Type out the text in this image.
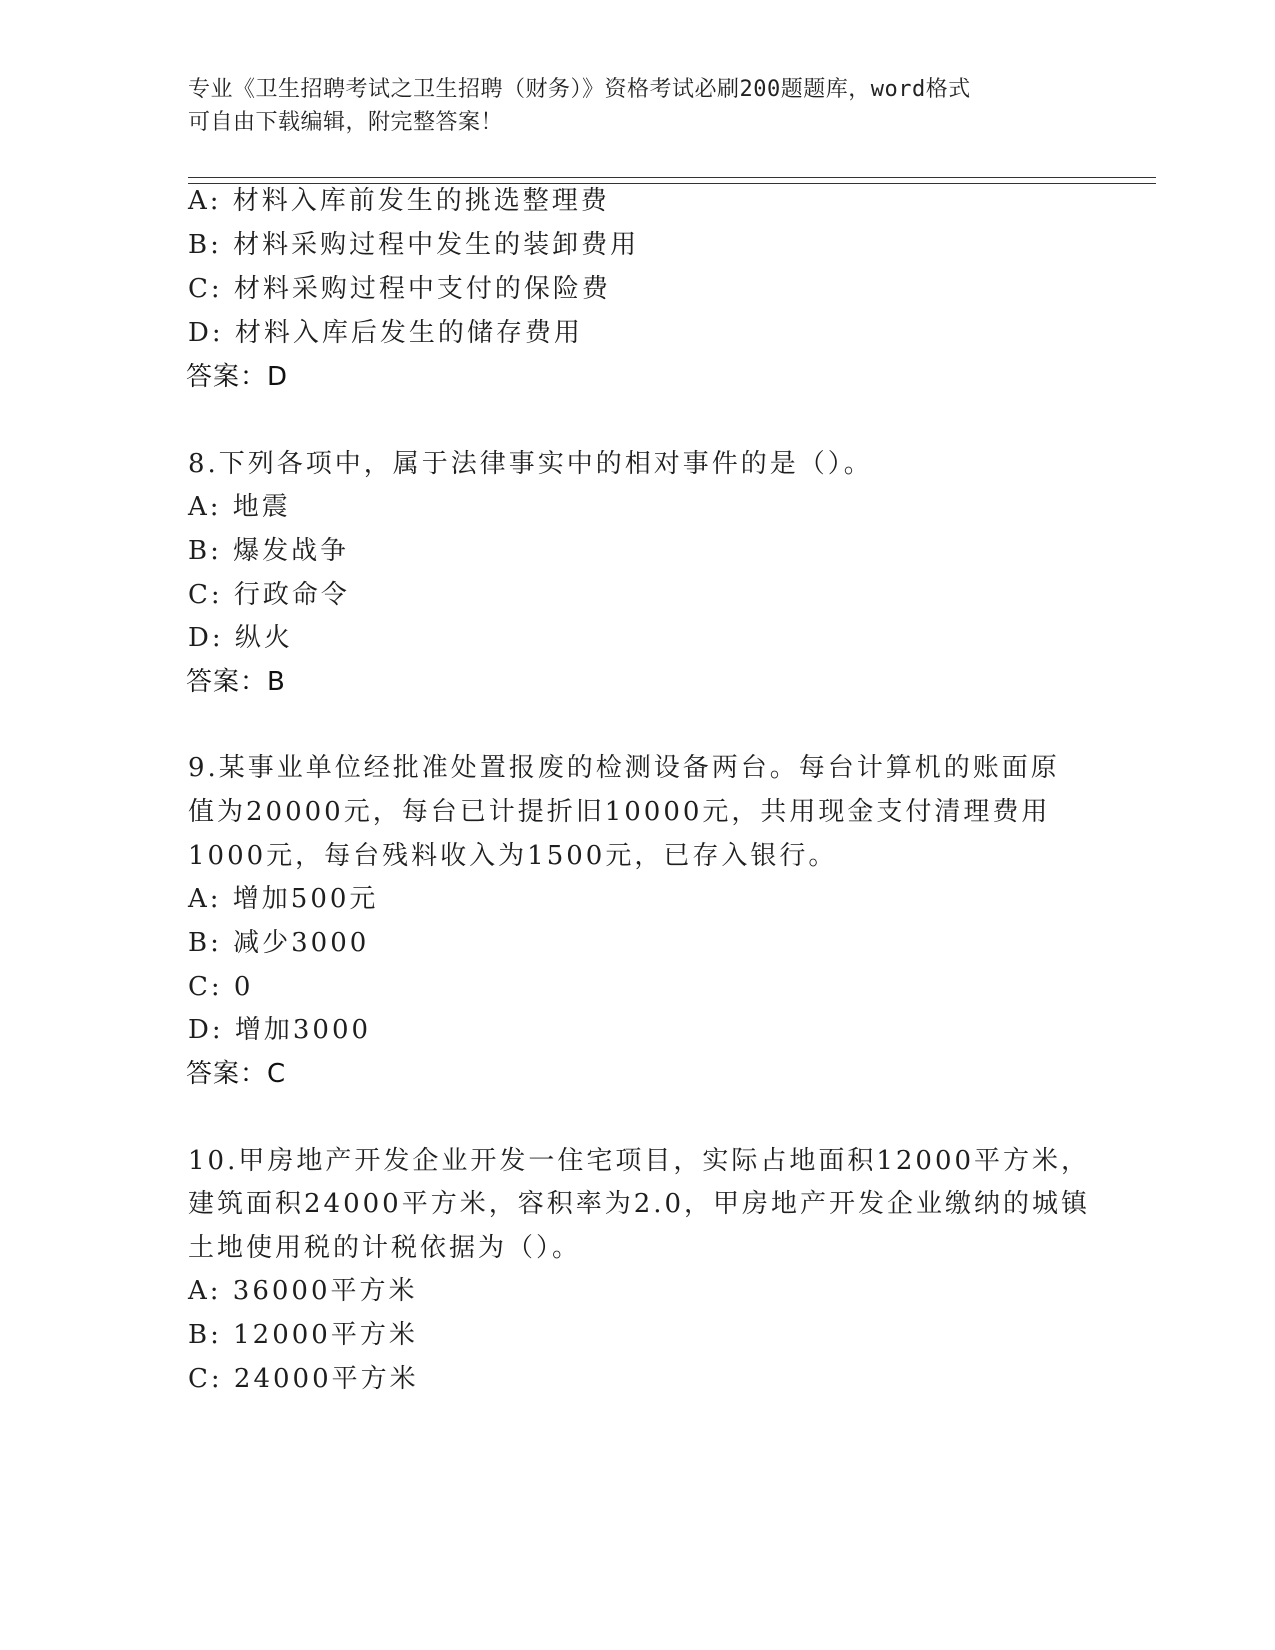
专业《卫生招聘考试之卫生招聘（财务）》资格考试必刷200题题库，word格式
可自由下载编辑，附完整答案！
A: 材料入库前发生的挑选整理费
B: 材料采购过程中发生的装卸费用
C: 材料采购过程中支付的保险费
D: 材料入库后发生的储存费用
答案：D
8.下列各项中，属于法律事实中的相对事件的是（）。
A: 地震
B: 爆发战争
C: 行政命令
D: 纵火
答案：B
9.某事业单位经批准处置报废的检测设备两台。每台计算机的账面原
值为20000元，每台已计提折旧10000元，共用现金支付清理费用
1000元，每台残料收入为1500元，已存入银行。
A: 增加500元
B: 减少3000
C: 0
D: 增加3000
答案：C
10.甲房地产开发企业开发一住宅项目，实际占地面积12000平方米，
建筑面积24000平方米，容积率为2.0，甲房地产开发企业缴纳的城镇
土地使用税的计税依据为（）。
A: 36000平方米
B: 12000平方米
C: 24000平方米
